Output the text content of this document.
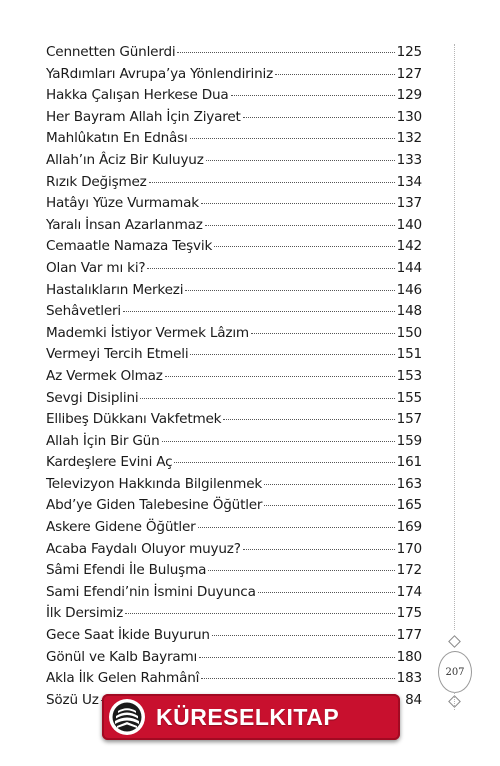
Cennetten Günlerdi	125
YaRdımları Avrupa’ya Yönlendiriniz	127
Hakka Çalışan Herkese Dua	129
Her Bayram Allah İçin Ziyaret	130
Mahlûkatın En Ednâsı	132
Allah’ın Âciz Bir Kuluyuz	133
Rızık Değişmez	134
Hatâyı Yüze Vurmamak	137
Yaralı İnsan Azarlanmaz	140
Cemaatle Namaza Teşvik	142
Olan Var mı ki?	144
Hastalıkların Merkezi	146
Sehâvetleri	148
Mademki İstiyor Vermek Lâzım	150
Vermeyi Tercih Etmeli	151
Az Vermek Olmaz	153
Sevgi Disiplini	155
Ellibeş Dükkanı Vakfetmek	157
Allah İçin Bir Gün	159
Kardeşlere Evini Aç	161
Televizyon Hakkında Bilgilenmek	163
Abd’ye Giden Talebesine Öğütler	165
Askere Gidene Öğütler	169
Acaba Faydalı Oluyor muyuz?	170
Sâmi Efendi İle Buluşma	172
Sami Efendi’nin İsmini Duyunca	174
İlk Dersimiz	175
Gece Saat İkide Buyurun	177
Gönül ve Kalb Bayramı	180
Akla İlk Gelen Rahmânî	183
Sözü Uz	84
207
KÜRESELKITAP
